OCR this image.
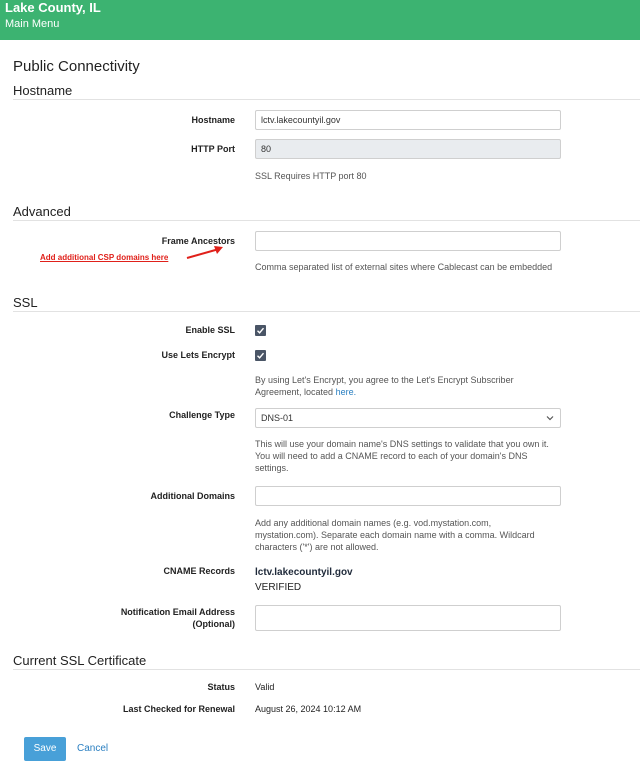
Lake County, IL
Main Menu
Public Connectivity
Hostname
Hostname
lctv.lakecountyil.gov
HTTP Port
80
SSL Requires HTTP port 80
Advanced
Frame Ancestors
Comma separated list of external sites where Cablecast can be embedded
Add additional CSP domains here
SSL
Enable SSL
Use Lets Encrypt
By using Let's Encrypt, you agree to the Let's Encrypt Subscriber
Agreement, located here.
Challenge Type	DNS-01
This will use your domain name's DNS settings to validate that you own it.
You will need to add a CNAME record to each of your domain's DNS
settings.
Additional Domains
Add any additional domain names (e.g. vod.mystation.com,
mystation.com). Separate each domain name with a comma. Wildcard
characters ('*') are not allowed.
CNAME Records lctv.lakecountyil.gov
VERIFIED
Notification Email Address
(Optional)
Current SSL Certificate
Status Valid
Last Checked for Renewal August 26, 2024 10:12 AM
Save	Cancel
